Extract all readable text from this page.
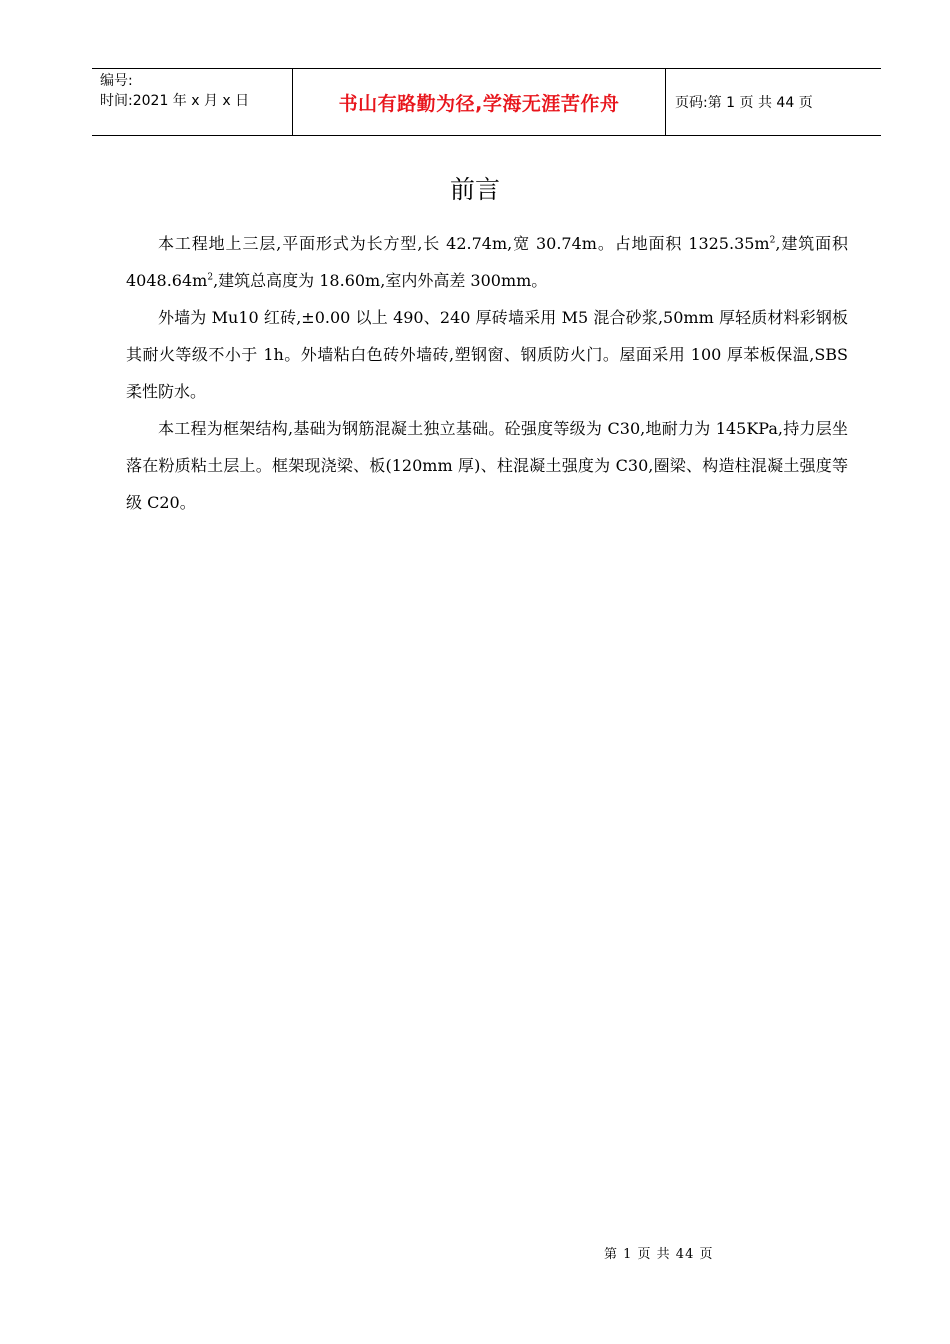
编号:
时间:2021 年 x 月 x 日	书山有路勤为径,学海无涯苦作舟	页码:第 1 页 共 44 页
前言

本工程地上三层,平面形式为长方型,长 42.74m,宽 30.74m。占地面积 $1325.35m^2$,建筑面积 $4048.64m^2$,建筑总高度为 18.60m,室内外高差 300mm。

外墙为 Mu10 红砖,±0.00 以上 490、240 厚砖墙采用 M5 混合砂浆,50mm 厚轻质材料彩钢板其耐火等级不小于 1h。外墙粘白色砖外墙砖,塑钢窗、钢质防火门。屋面采用 100 厚苯板保温,SBS 柔性防水。

本工程为框架结构,基础为钢筋混凝土独立基础。砼强度等级为 C30,地耐力为 145KPa,持力层坐落在粉质粘土层上。框架现浇梁、板(120mm 厚)、柱混凝土强度为 C30,圈梁、构造柱混凝土强度等级 C20。

第 1 页 共 44 页
